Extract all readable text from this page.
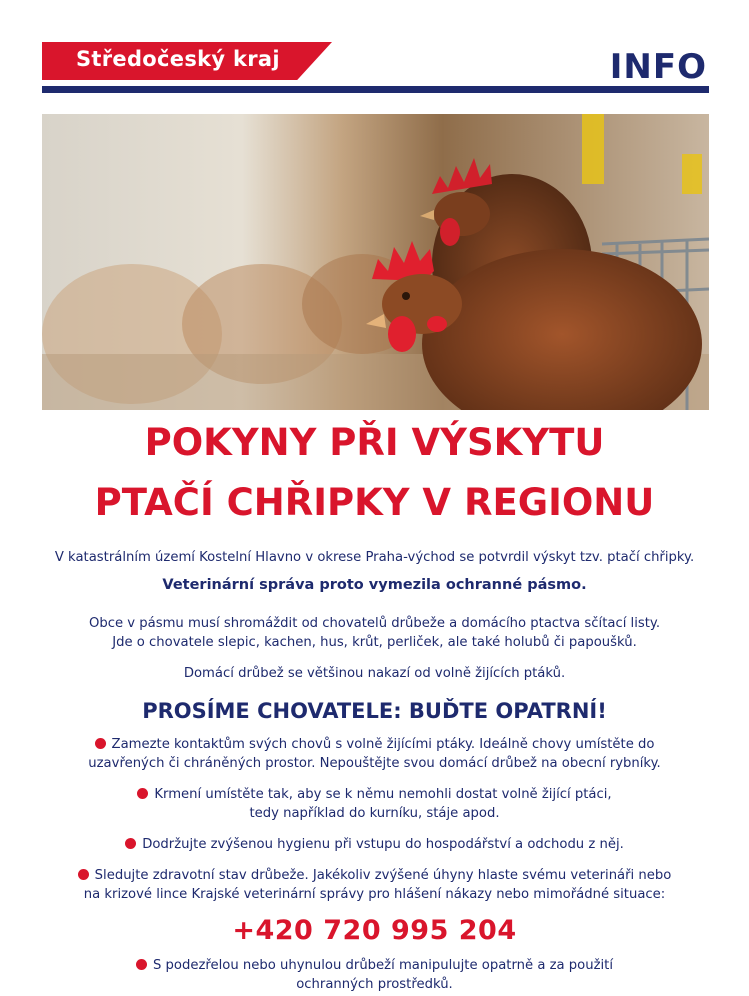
Středočeský kraj	INFO
POKYNY PŘI VÝSKYTU
PTAČÍ CHŘIPKY V REGIONU

V katastrálním území Kostelní Hlavno v okrese Praha-východ se potvrdil výskyt tzv. ptačí chřipky.

Veterinární správa proto vymezila ochranné pásmo.

Obce v pásmu musí shromáždit od chovatelů drůbeže a domácího ptactva sčítací listy.

Jde o chovatele slepic, kachen, hus, krůt, perliček, ale také holubů či papoušků.

Domácí drůbež se většinou nakazí od volně žijících ptáků.

PROSÍME CHOVATELE: BUĎTE OPATRNÍ!

Zamezte kontaktům svých chovů s volně žijícími ptáky. Ideálně chovy umístěte do

uzavřených či chráněných prostor. Nepouštějte svou domácí drůbež na obecní rybníky.

Krmení umístěte tak, aby se k němu nemohli dostat volně žijící ptáci,

tedy například do kurníku, stáje apod.

Dodržujte zvýšenou hygienu při vstupu do hospodářství a odchodu z něj.

Sledujte zdravotní stav drůbeže. Jakékoliv zvýšené úhyny hlaste svému veterináři nebo

na krizové lince Krajské veterinární správy pro hlášení nákazy nebo mimořádné situace:

+420 720 995 204

S podezřelou nebo uhynulou drůbeží manipulujte opatrně a za použití

ochranných prostředků.
